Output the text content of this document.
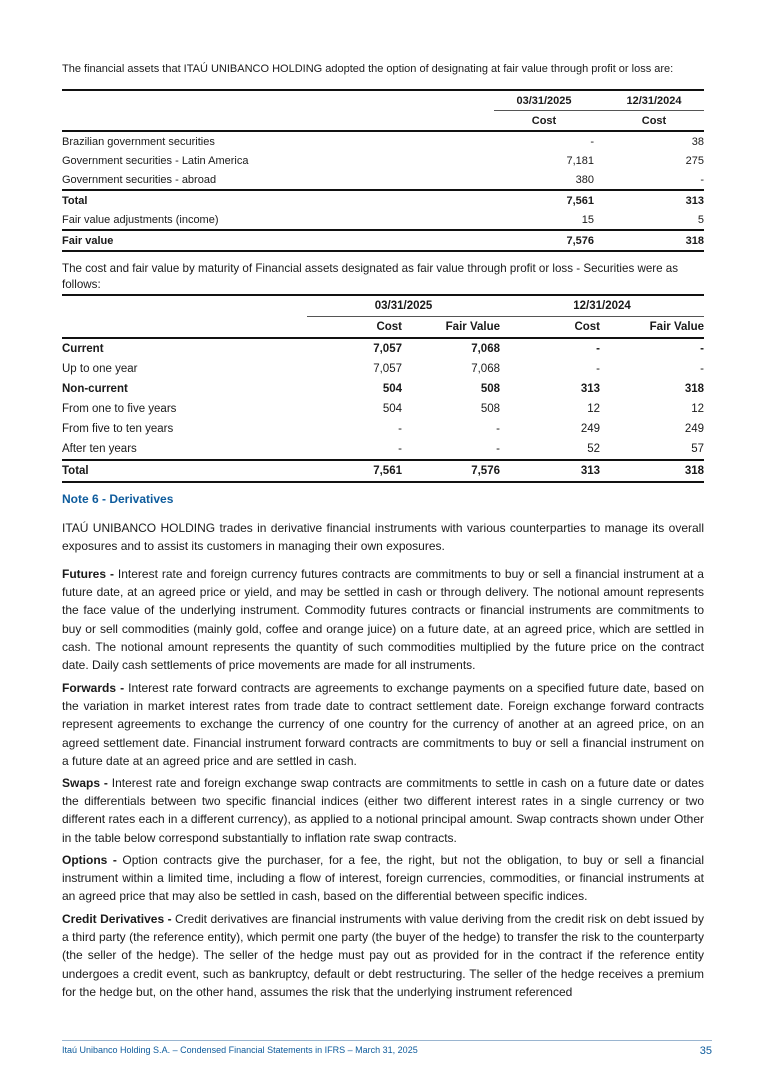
The financial assets that ITAÚ UNIBANCO HOLDING adopted the option of designating at fair value through profit or loss are:
		03/31/2025		12/31/2024
		Cost		Cost
Brazilian government securities		-		38
Government securities - Latin America		7,181		275
Government securities - abroad		380		-
Total		7,561		313
Fair value adjustments (income)		15		5
Fair value		7,576		318
The cost and fair value by maturity of Financial assets designated as fair value through profit or loss - Securities were as follows:
	03/31/2025		12/31/2024	
	Cost	Fair Value	Cost	Fair Value
Current	7,057	7,068	-	-
Up to one year	7,057	7,068	-	-
Non-current	504	508	313	318
From one to five years	504	508	12	12
From five to ten years	-	-	249	249
After ten years	-	-	52	57
Total	7,561	7,576	313	318
Note 6 - Derivatives

ITAÚ UNIBANCO HOLDING trades in derivative financial instruments with various counterparties to manage its overall exposures and to assist its customers in managing their own exposures.

Futures - Interest rate and foreign currency futures contracts are commitments to buy or sell a financial instrument at a future date, at an agreed price or yield, and may be settled in cash or through delivery. The notional amount represents the face value of the underlying instrument. Commodity futures contracts or financial instruments are commitments to buy or sell commodities (mainly gold, coffee and orange juice) on a future date, at an agreed price, which are settled in cash. The notional amount represents the quantity of such commodities multiplied by the future price on the contract date. Daily cash settlements of price movements are made for all instruments.

Forwards - Interest rate forward contracts are agreements to exchange payments on a specified future date, based on the variation in market interest rates from trade date to contract settlement date. Foreign exchange forward contracts represent agreements to exchange the currency of one country for the currency of another at an agreed price, on an agreed settlement date. Financial instrument forward contracts are commitments to buy or sell a financial instrument on a future date at an agreed price and are settled in cash.

Swaps - Interest rate and foreign exchange swap contracts are commitments to settle in cash on a future date or dates the differentials between two specific financial indices (either two different interest rates in a single currency or two different rates each in a different currency), as applied to a notional principal amount. Swap contracts shown under Other in the table below correspond substantially to inflation rate swap contracts.

Options - Option contracts give the purchaser, for a fee, the right, but not the obligation, to buy or sell a financial instrument within a limited time, including a flow of interest, foreign currencies, commodities, or financial instruments at an agreed price that may also be settled in cash, based on the differential between specific indices.

Credit Derivatives - Credit derivatives are financial instruments with value deriving from the credit risk on debt issued by a third party (the reference entity), which permit one party (the buyer of the hedge) to transfer the risk to the counterparty (the seller of the hedge). The seller of the hedge must pay out as provided for in the contract if the reference entity undergoes a credit event, such as bankruptcy, default or debt restructuring. The seller of the hedge receives a premium for the hedge but, on the other hand, assumes the risk that the underlying instrument referenced

Itaú Unibanco Holding S.A. – Condensed Financial Statements in IFRS – March 31, 2025	35
